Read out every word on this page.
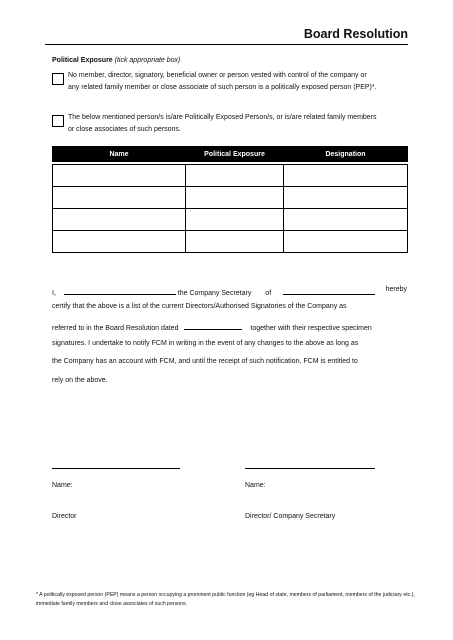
Board Resolution
Political Exposure (tick appropriate box)
No member, director, signatory, beneficial owner or person vested with control of the company or any related family member or close associate of such person is a politically exposed person (PEP)*.
The below mentioned person/s is/are Politically Exposed Person/s, or is/are related family members or close associates of such persons.
Name	Political Exposure	Designation

I,	the Company Secretary of
hereby
certify that the above is a list of the current Directors/Authorised Signatories of the Company as
referred to in the Board Resolution dated	together with their respective specimen
signatures. I undertake to notify FCM in writing in the event of any changes to the above as long as
the Company has an account with FCM, and until the receipt of such notification, FCM is entitled to
rely on the above.
Name:	Name:
Director	Director/ Company Secretary
* A politically exposed person (PEP) means a person occupying a prominent public function (eg Head of state, members of parliament, members of the judiciary etc.), immediate family members and close associates of such persons.
